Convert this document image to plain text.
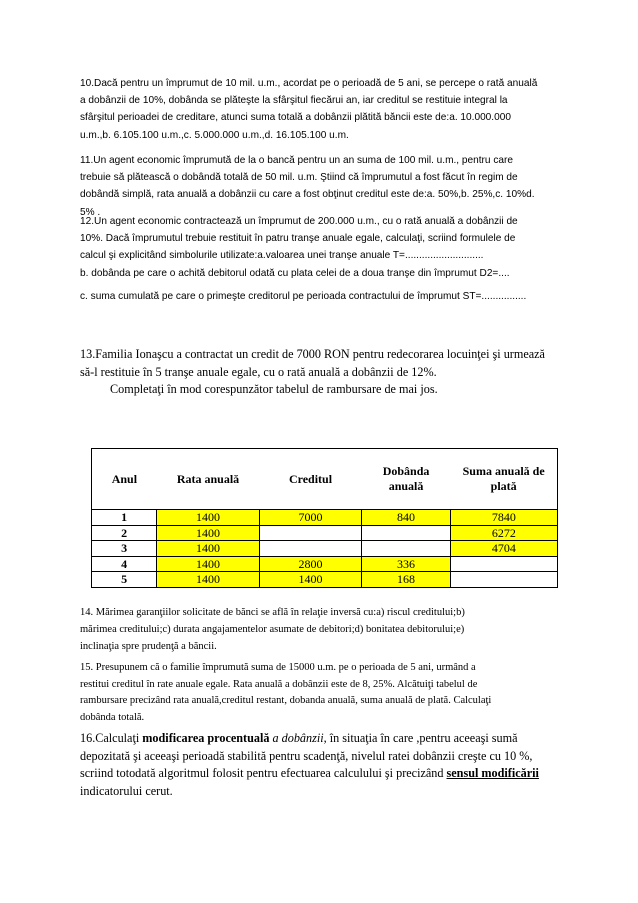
10.Dacă pentru un împrumut de 10 mil. u.m., acordat pe o perioadă de 5 ani, se percepe o rată anuală
a dobânzii de 10%, dobânda se plăteşte la sfârşitul fiecărui an, iar creditul se restituie integral la
sfârşitul perioadei de creditare, atunci suma totală a dobânzii plătită băncii este de:a. 10.000.000
u.m.,b. 6.105.100 u.m.,c. 5.000.000 u.m.,d. 16.105.100 u.m.
11.Un agent economic împrumută de la o bancă pentru un an suma de 100 mil. u.m., pentru care
trebuie să plătească o dobândă totală de 50 mil. u.m. Ştiind că împrumutul a fost făcut în regim de
dobândă simplă, rata anuală a dobânzii cu care a fost obţinut creditul este de:a. 50%,b. 25%,c. 10%d.
5% .
12.Un agent economic contractează un împrumut de 200.000 u.m., cu o rată anuală a dobânzii de
10%. Dacă împrumutul trebuie restituit în patru tranşe anuale egale, calculaţi, scriind formulele de
calcul şi explicitând simbolurile utilizate:a.valoarea unei tranşe anuale T=............................
b. dobânda pe care o achită debitorul odată cu plata celei de a doua tranşe din împrumut D2=....
c. suma cumulată pe care o primeşte creditorul pe perioada contractului de împrumut ST=................
13.Familia Ionaşcu a contractat un credit de 7000 RON pentru redecorarea locuinţei şi urmează
să-l restituie în 5 tranşe anuale egale, cu o rată anuală a dobânzii de 12%.
Completaţi în mod corespunzător tabelul de rambursare de mai jos.
Anul	Rata anuală	Creditul	Dobânda anuală	Suma anuală de plată
1	1400	7000	840	7840
2	1400			6272
3	1400			4704
4	1400	2800	336	
5	1400	1400	168	
14. Mărimea garanţiilor solicitate de bănci se află în relaţie inversă cu:a) riscul creditului;b)
mărimea creditului;c) durata angajamentelor asumate de debitori;d) bonitatea debitorului;e)
inclinaţia spre prudenţă a băncii.
15. Presupunem că o familie împrumută suma de 15000 u.m. pe o perioada de 5 ani, urmând a
restitui creditul în rate anuale egale. Rata anuală a dobânzii este de 8, 25%. Alcătuiţi tabelul de
rambursare precizând rata anuală,creditul restant, dobanda anuală, suma anuală de plată. Calculaţi
dobânda totală.
16.Calculaţi modificarea procentuală a dobânzii, în situaţia în care ,pentru aceeaşi sumă
depozitată şi aceeaşi perioadă stabilită pentru scadenţă, nivelul ratei dobânzii creşte cu 10 %,
scriind totodată algoritmul folosit pentru efectuarea calculului şi precizând sensul modificării
indicatorului cerut.
